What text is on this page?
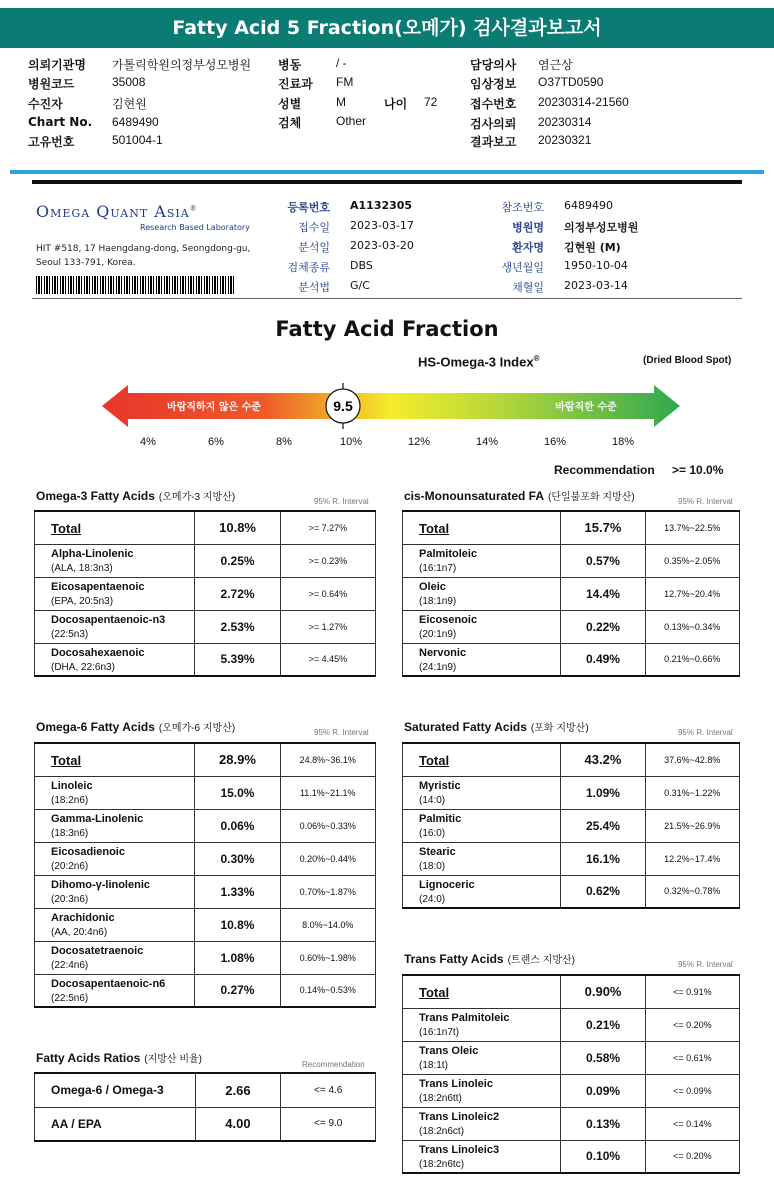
Fatty Acid 5 Fraction(오메가) 검사결과보고서
의뢰기관명 가톨릭학원의정부성모병원
병원코드	35008
수진자	김현원
Chart No. 6489490
고유번호	501004-1
병동	/ -
진료과 FM
성별	M
검체	Other
나이 72
담당의사 염근상
임상정보 O37TD0590
접수번호 20230314-21560
검사의뢰 20230314
결과보고 20230321
Omega Quant Asia®
Research Based Laboratory
HIT #518, 17 Haengdang-dong, Seongdong-gu,
Seoul 133-791, Korea.
등록번호 A1132305
접수일 2023-03-17
분석일 2023-03-20
검체종류 DBS
분석법 G/C
참조번호 6489490
병원명 의정부성모병원
환자명 김현원 (M)
생년월일 1950-10-04
채혈일 2023-03-14
Fatty Acid Fraction
HS-Omega-3 Index®	(Dried Blood Spot)
바람직하지 않은 수준	바람직한 수준
9.5
4%	6%	8%	10%	12%	14%	16%	18%
Recommendation >= 10.0%
Omega-3 Fatty Acids (오메가-3 지방산)	95% R. Interval
Total	10.8%	>= 7.27%
Alpha-Linolenic
(ALA, 18:3n3)	0.25%	>= 0.23%
Eicosapentaenoic
(EPA, 20:5n3)	2.72%	>= 0.64%
Docosapentaenoic-n3
(22:5n3)	2.53%	>= 1.27%
Docosahexaenoic
(DHA, 22:6n3)	5.39%	>= 4.45%
cis-Monounsaturated FA (단일불포화 지방산)	95% R. Interval
Total	15.7%	13.7%~22.5%
Palmitoleic
(16:1n7)	0.57%	0.35%~2.05%
Oleic
(18:1n9)	14.4%	12.7%~20.4%
Eicosenoic
(20:1n9)	0.22%	0.13%~0.34%
Nervonic
(24:1n9)	0.49%	0.21%~0.66%
Omega-6 Fatty Acids (오메가-6 지방산)	95% R. Interval
Total	28.9%	24.8%~36.1%
Linoleic
(18:2n6)	15.0%	11.1%~21.1%
Gamma-Linolenic
(18:3n6)	0.06%	0.06%~0.33%
Eicosadienoic
(20:2n6)	0.30%	0.20%~0.44%
Dihomo-γ-linolenic
(20:3n6)	1.33%	0.70%~1.87%
Arachidonic
(AA, 20:4n6)	10.8%	8.0%~14.0%
Docosatetraenoic
(22:4n6)	1.08%	0.60%~1.98%
Docosapentaenoic-n6
(22:5n6)	0.27%	0.14%~0.53%
Saturated Fatty Acids (포화 지방산)	95% R. Interval
Total	43.2%	37.6%~42.8%
Myristic
(14:0)	1.09%	0.31%~1.22%
Palmitic
(16:0)	25.4%	21.5%~26.9%
Stearic
(18:0)	16.1%	12.2%~17.4%
Lignoceric
(24:0)	0.62%	0.32%~0.78%
Trans Fatty Acids (트랜스 지방산)	95% R. Interval
Total	0.90%	<= 0.91%
Trans Palmitoleic
(16:1n7t)	0.21%	<= 0.20%
Trans Oleic
(18:1t)	0.58%	<= 0.61%
Trans Linoleic
(18:2n6tt)	0.09%	<= 0.09%
Trans Linoleic2
(18:2n6ct)	0.13%	<= 0.14%
Trans Linoleic3
(18:2n6tc)	0.10%	<= 0.20%
Fatty Acids Ratios (지방산 비율)	Recommendation
Omega-6 / Omega-3	2.66	<= 4.6
AA / EPA	4.00	<= 9.0
